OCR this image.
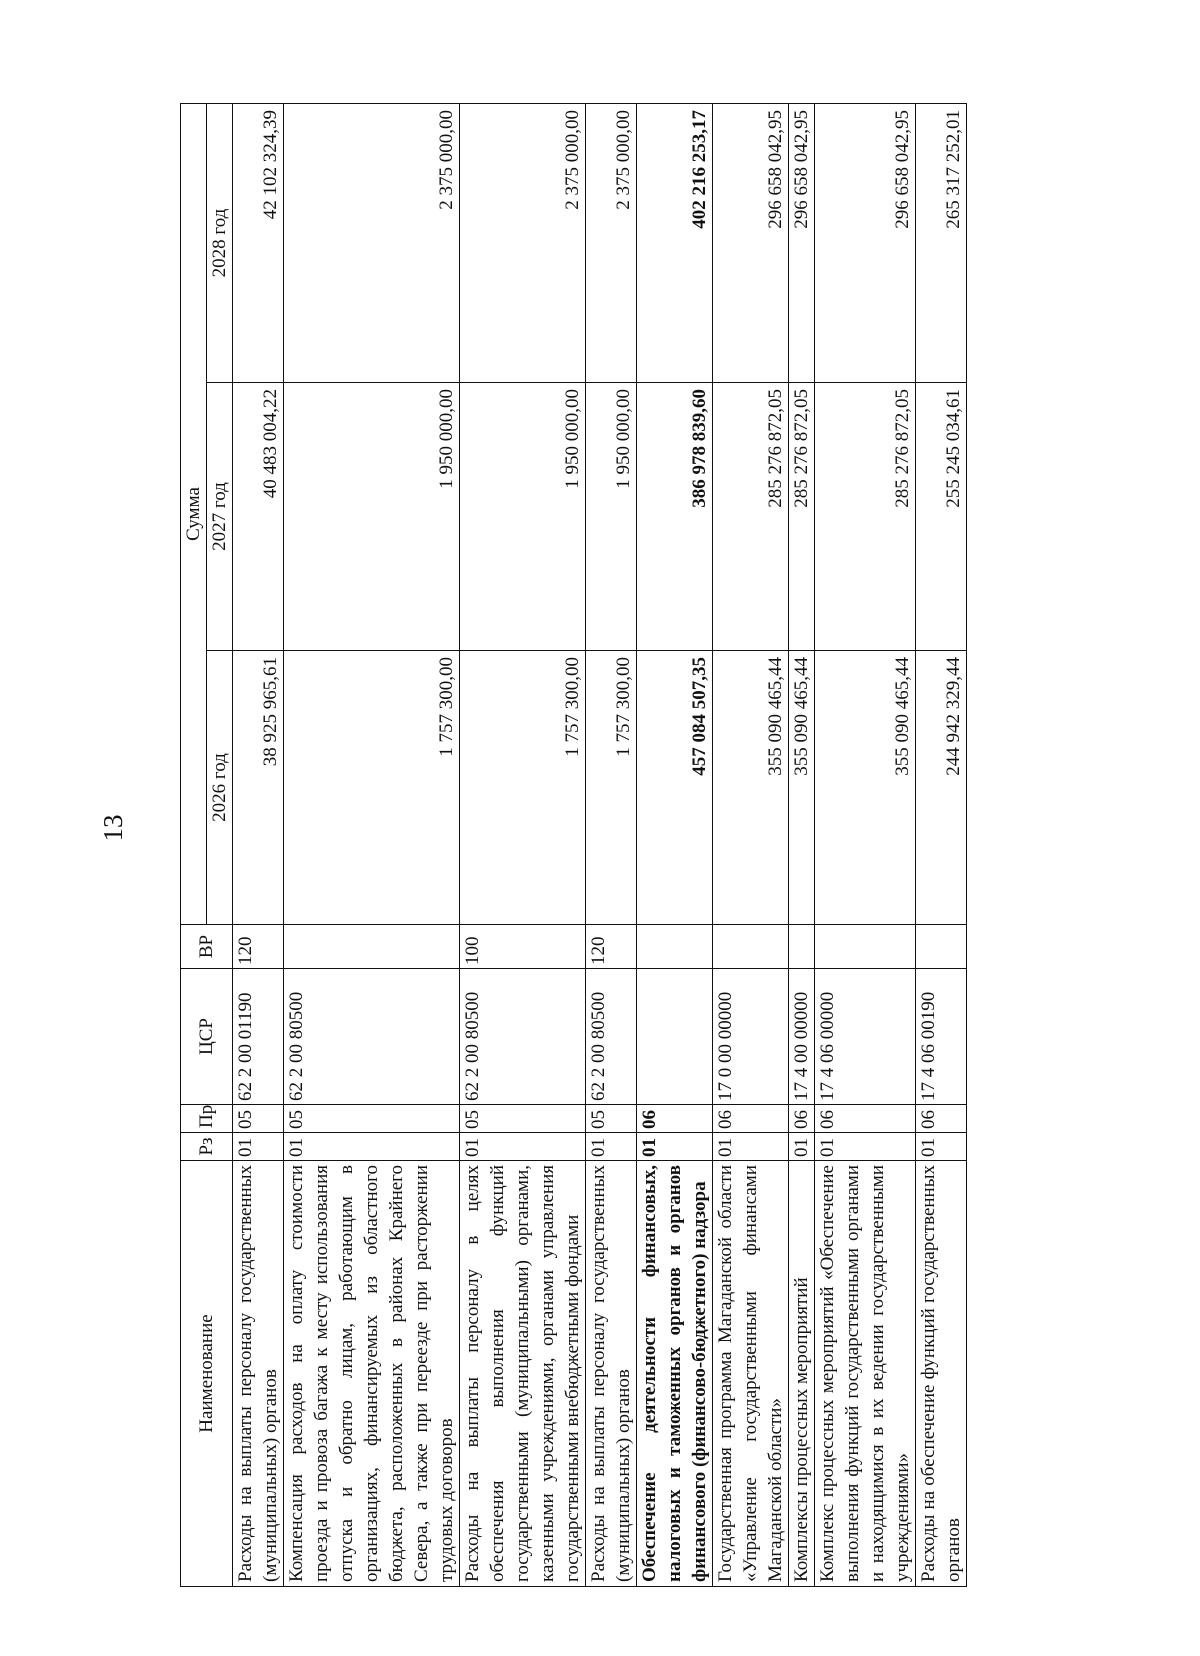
13
Наименование	Рз	Пр	ЦСР	ВР	Сумма		
					2026 год	2027 год	2028 год
Расходы на выплаты персоналу государственных (муниципальных) органов	01	05	62 2 00 01190	120	38 925 965,61	40 483 004,22	42 102 324,39
Компенсация расходов на оплату стоимости проезда и провоза багажа к месту использования отпуска и обратно лицам, работающим в организациях, финансируемых из областного бюджета, расположенных в районах Крайнего Севера, а также при переезде при расторжении трудовых договоров	01	05	62 2 00 80500		1 757 300,00	1 950 000,00	2 375 000,00
Расходы на выплаты персоналу в целях обеспечения выполнения функций государственными (муниципальными) органами, казенными учреждениями, органами управления государственными внебюджетными фондами	01	05	62 2 00 80500	100	1 757 300,00	1 950 000,00	2 375 000,00
Расходы на выплаты персоналу государственных (муниципальных) органов	01	05	62 2 00 80500	120	1 757 300,00	1 950 000,00	2 375 000,00
Обеспечение деятельности финансовых, налоговых и таможенных органов и органов финансового (финансово-бюджетного) надзора	01	06			457 084 507,35	386 978 839,60	402 216 253,17
Государственная программа Магаданской области «Управление государственными финансами Магаданской области»	01	06	17 0 00 00000		355 090 465,44	285 276 872,05	296 658 042,95
Комплексы процессных мероприятий	01	06	17 4 00 00000		355 090 465,44	285 276 872,05	296 658 042,95
Комплекс процессных мероприятий «Обеспечение выполнения функций государственными органами и находящимися в их ведении государственными учреждениями»	01	06	17 4 06 00000		355 090 465,44	285 276 872,05	296 658 042,95
Расходы на обеспечение функций государственных органов	01	06	17 4 06 00190		244 942 329,44	255 245 034,61	265 317 252,01
